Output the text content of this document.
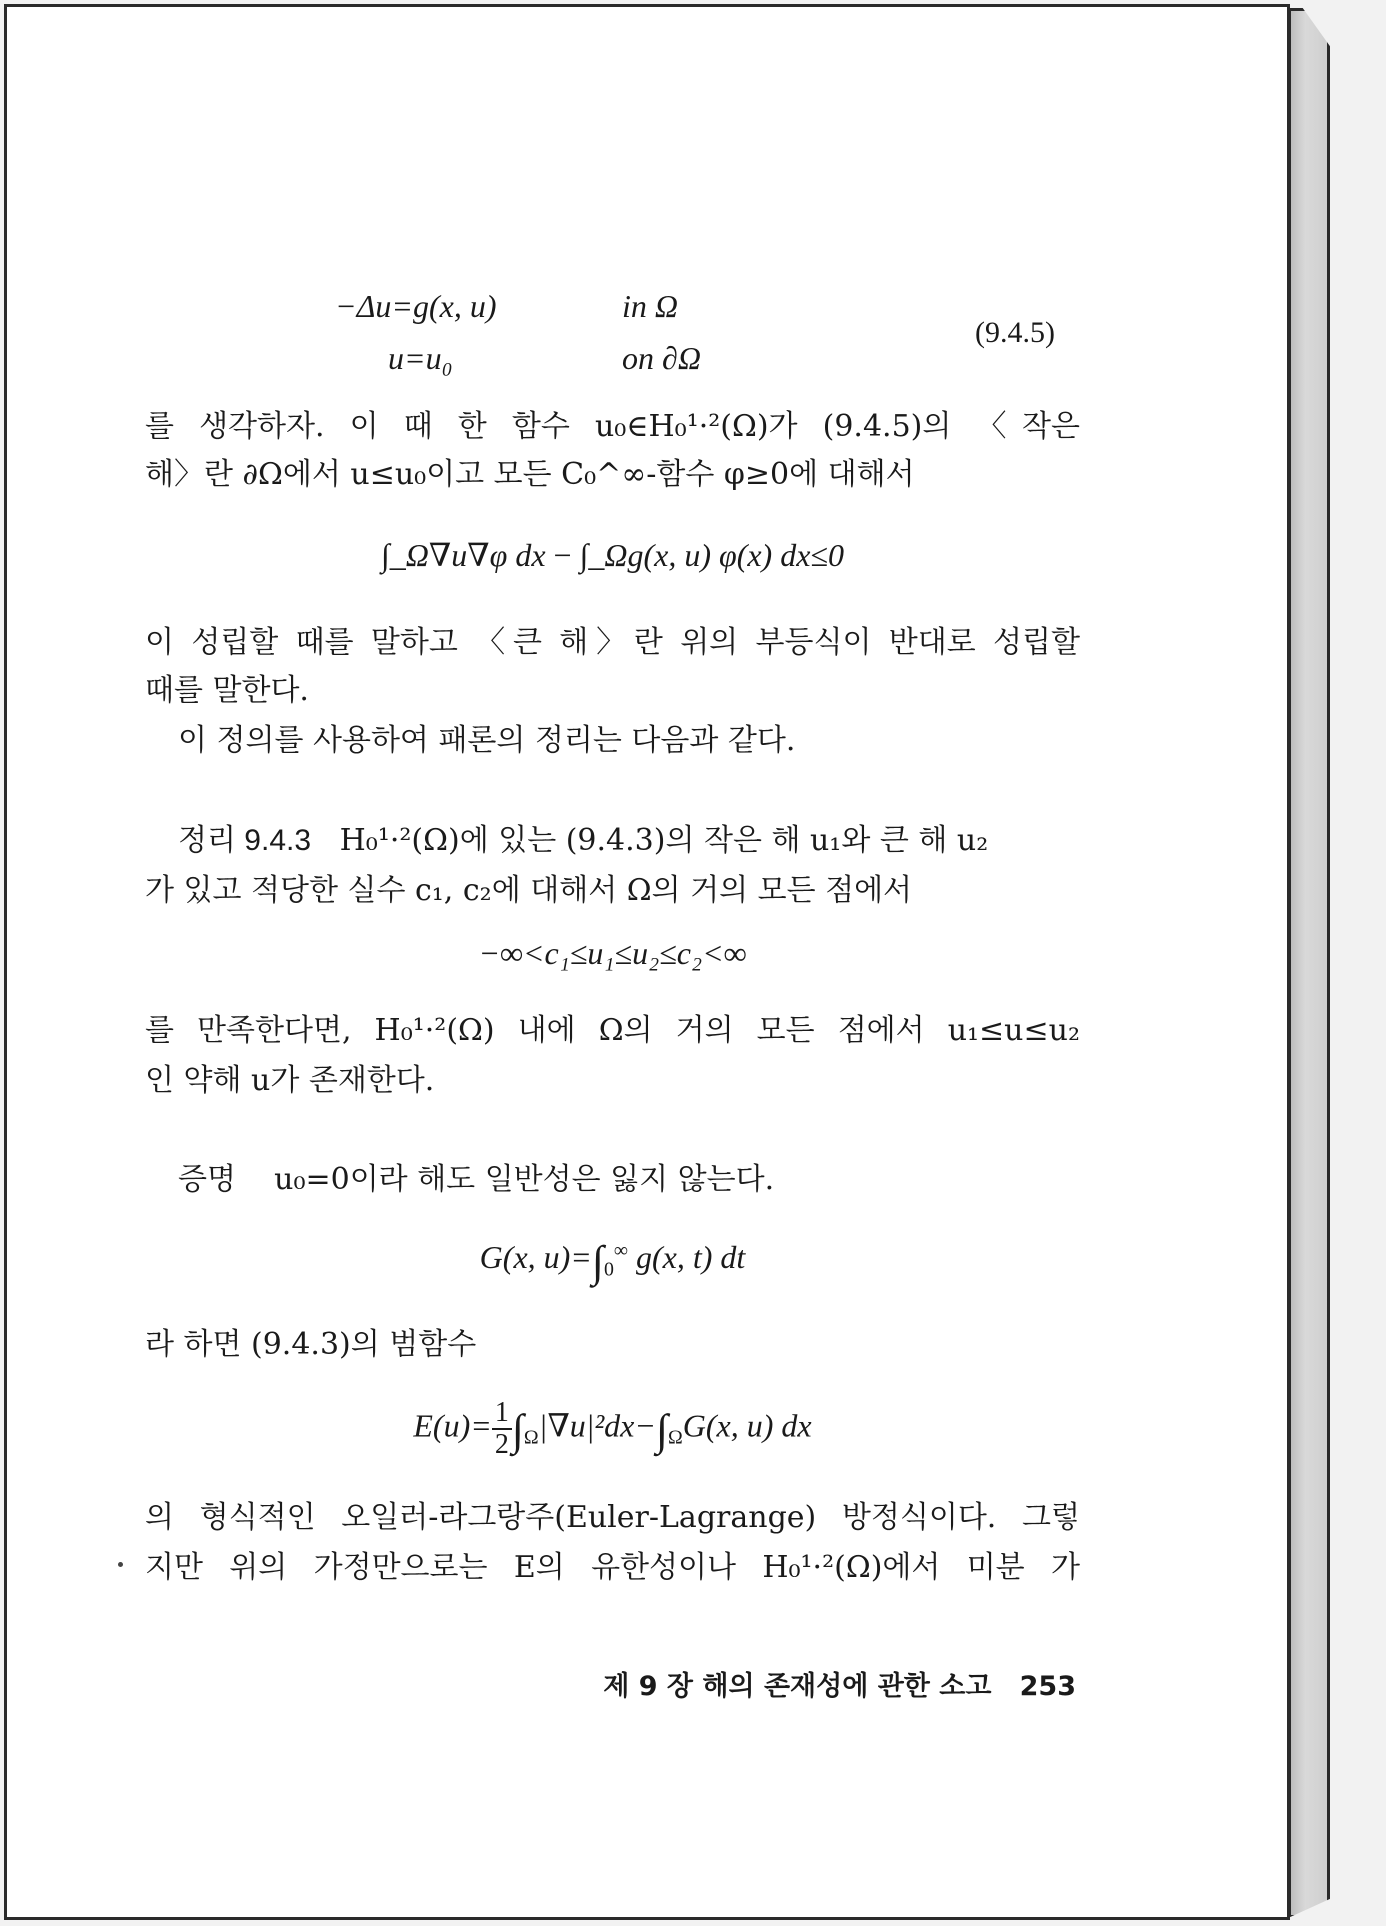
−Δu=g(x, u)	in Ω
u=u₀	on ∂Ω
(9.4.5)
를 생각하자. 이 때 한 함수 u₀∈H₀¹·²(Ω)가 (9.4.5)의 〈작은
해〉란 ∂Ω에서 u≤u₀이고 모든 C₀^∞-함수 φ≥0에 대해서
∫_Ω∇u∇φ dx − ∫_Ωg(x, u) φ(x) dx≤0
이 성립할 때를 말하고 〈큰 해〉란 위의 부등식이 반대로 성립할
때를 말한다.
이 정의를 사용하여 패론의 정리는 다음과 같다.
정리 9.4.3 H₀¹·²(Ω)에 있는 (9.4.3)의 작은 해 u₁와 큰 해 u₂
가 있고 적당한 실수 c₁, c₂에 대해서 Ω의 거의 모든 점에서
−∞<c₁≤u₁≤u₂≤c₂<∞
를 만족한다면, H₀¹·²(Ω) 내에 Ω의 거의 모든 점에서 u₁≤u≤u₂
인 약해 u가 존재한다.
증명 u₀=0이라 해도 일반성은 잃지 않는다.
G(x, $u)=\int_0^\infty$ g(x, t) dt
라 하면 (9.4.3)의 범함수
$E(u)= \frac{1}{2} \int_\Omega|\nabla u|^2dx-\int_\Omega G(x$, u) dx
의 형식적인 오일러-라그랑주(Euler-Lagrange) 방정식이다. 그렇
지만 위의 가정만으로는 E의 유한성이나 H₀¹·²(Ω)에서 미분 가
제 9 장 해의 존재성에 관한 소고 253
